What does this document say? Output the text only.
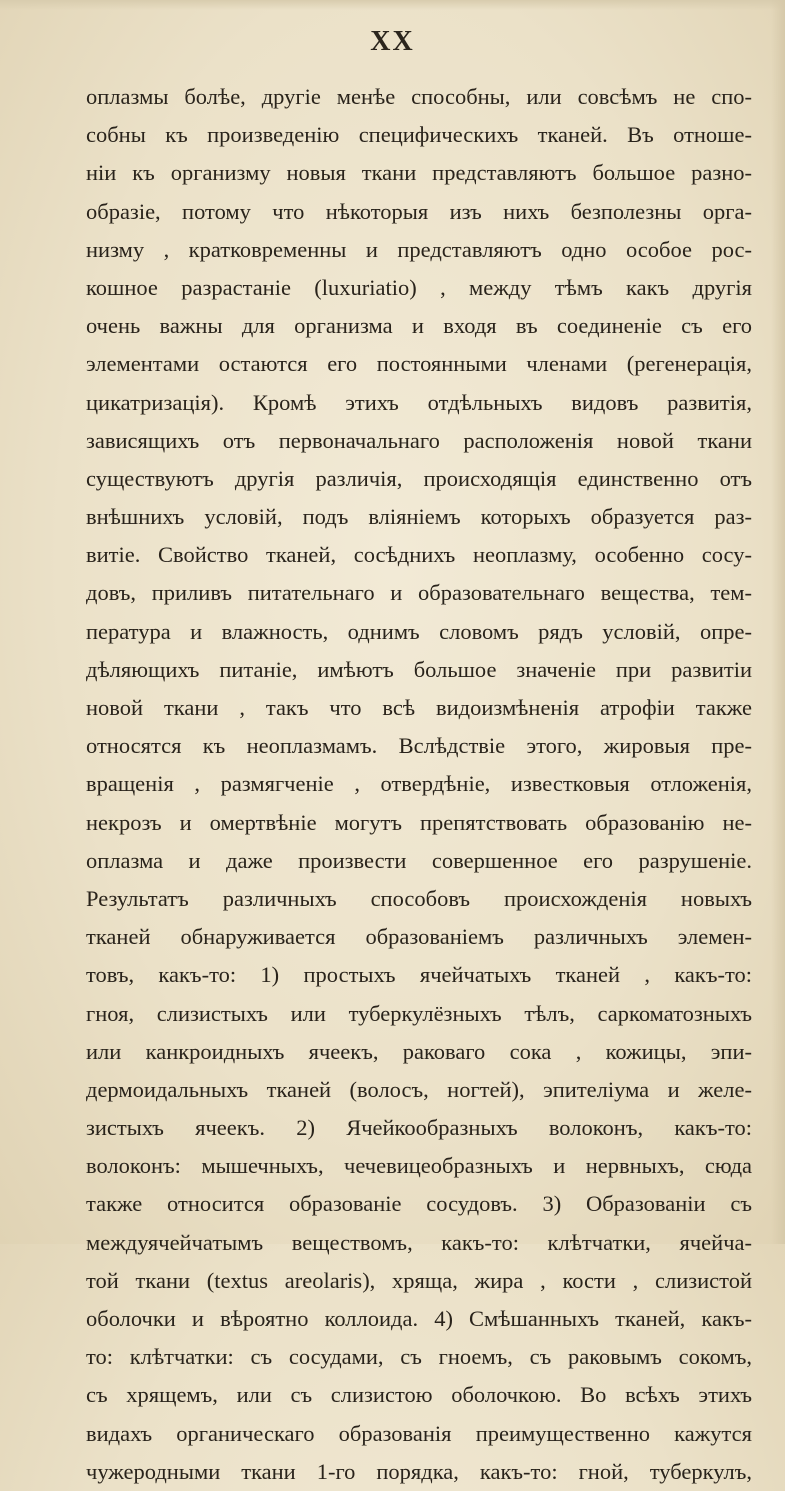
XX
оплазмы болѣе, другіе менѣе способны, или совсѣмъ не спо-
собны къ произведенію специфическихъ тканей. Въ отноше-
ніи къ организму новыя ткани представляютъ большое разно-
образіе, потому что нѣкоторыя изъ нихъ безполезны орга-
низму , кратковременны и представляютъ одно особое рос-
кошное разрастаніе (luxuriatio) , между тѣмъ какъ другія
очень важны для организма и входя въ соединеніе съ его
элементами остаются его постоянными членами (регенерація,
цикатризація). Кромѣ этихъ отдѣльныхъ видовъ развитія,
зависящихъ отъ первоначальнаго расположенія новой ткани
существуютъ другія различія, происходящія единственно отъ
внѣшнихъ условій, подъ вліяніемъ которыхъ образуется раз-
витіе. Свойство тканей, сосѣднихъ неоплазму, особенно сосу-
довъ, приливъ питательнаго и образовательнаго вещества, тем-
пература и влажность, однимъ словомъ рядъ условій, опре-
дѣляющихъ питаніе, имѣютъ большое значеніе при развитіи
новой ткани , такъ что всѣ видоизмѣненія атрофіи также
относятся къ неоплазмамъ. Вслѣдствіе этого, жировыя пре-
вращенія , размягченіе , отвердѣніе, известковыя отложенія,
некрозъ и омертвѣніе могутъ препятствовать образованію не-
оплазма и даже произвести совершенное его разрушеніе.
Результатъ различныхъ способовъ происхожденія новыхъ
тканей обнаруживается образованіемъ различныхъ элемен-
товъ, какъ-то: 1) простыхъ ячейчатыхъ тканей , какъ-то:
гноя, слизистыхъ или туберкулёзныхъ тѣлъ, саркоматозныхъ
или канкроидныхъ ячеекъ, раковаго сока , кожицы, эпи-
дермоидальныхъ тканей (волосъ, ногтей), эпителіума и желе-
зистыхъ ячеекъ. 2) Ячейкообразныхъ волоконъ, какъ-то:
волоконъ: мышечныхъ, чечевицеобразныхъ и нервныхъ, сюда
также относится образованіе сосудовъ. 3) Образованіи съ
междуячейчатымъ веществомъ, какъ-то: клѣтчатки, ячейча-
той ткани (textus areolaris), хряща, жира , кости , слизистой
оболочки и вѣроятно коллоида. 4) Смѣшанныхъ тканей, какъ-
то: клѣтчатки: съ сосудами, съ гноемъ, съ раковымъ сокомъ,
съ хрящемъ, или съ слизистою оболочкою. Во всѣхъ этихъ
видахъ органическаго образованія преимущественно кажутся
чужеродными ткани 1-го порядка, какъ-то: гной, туберкулъ,
